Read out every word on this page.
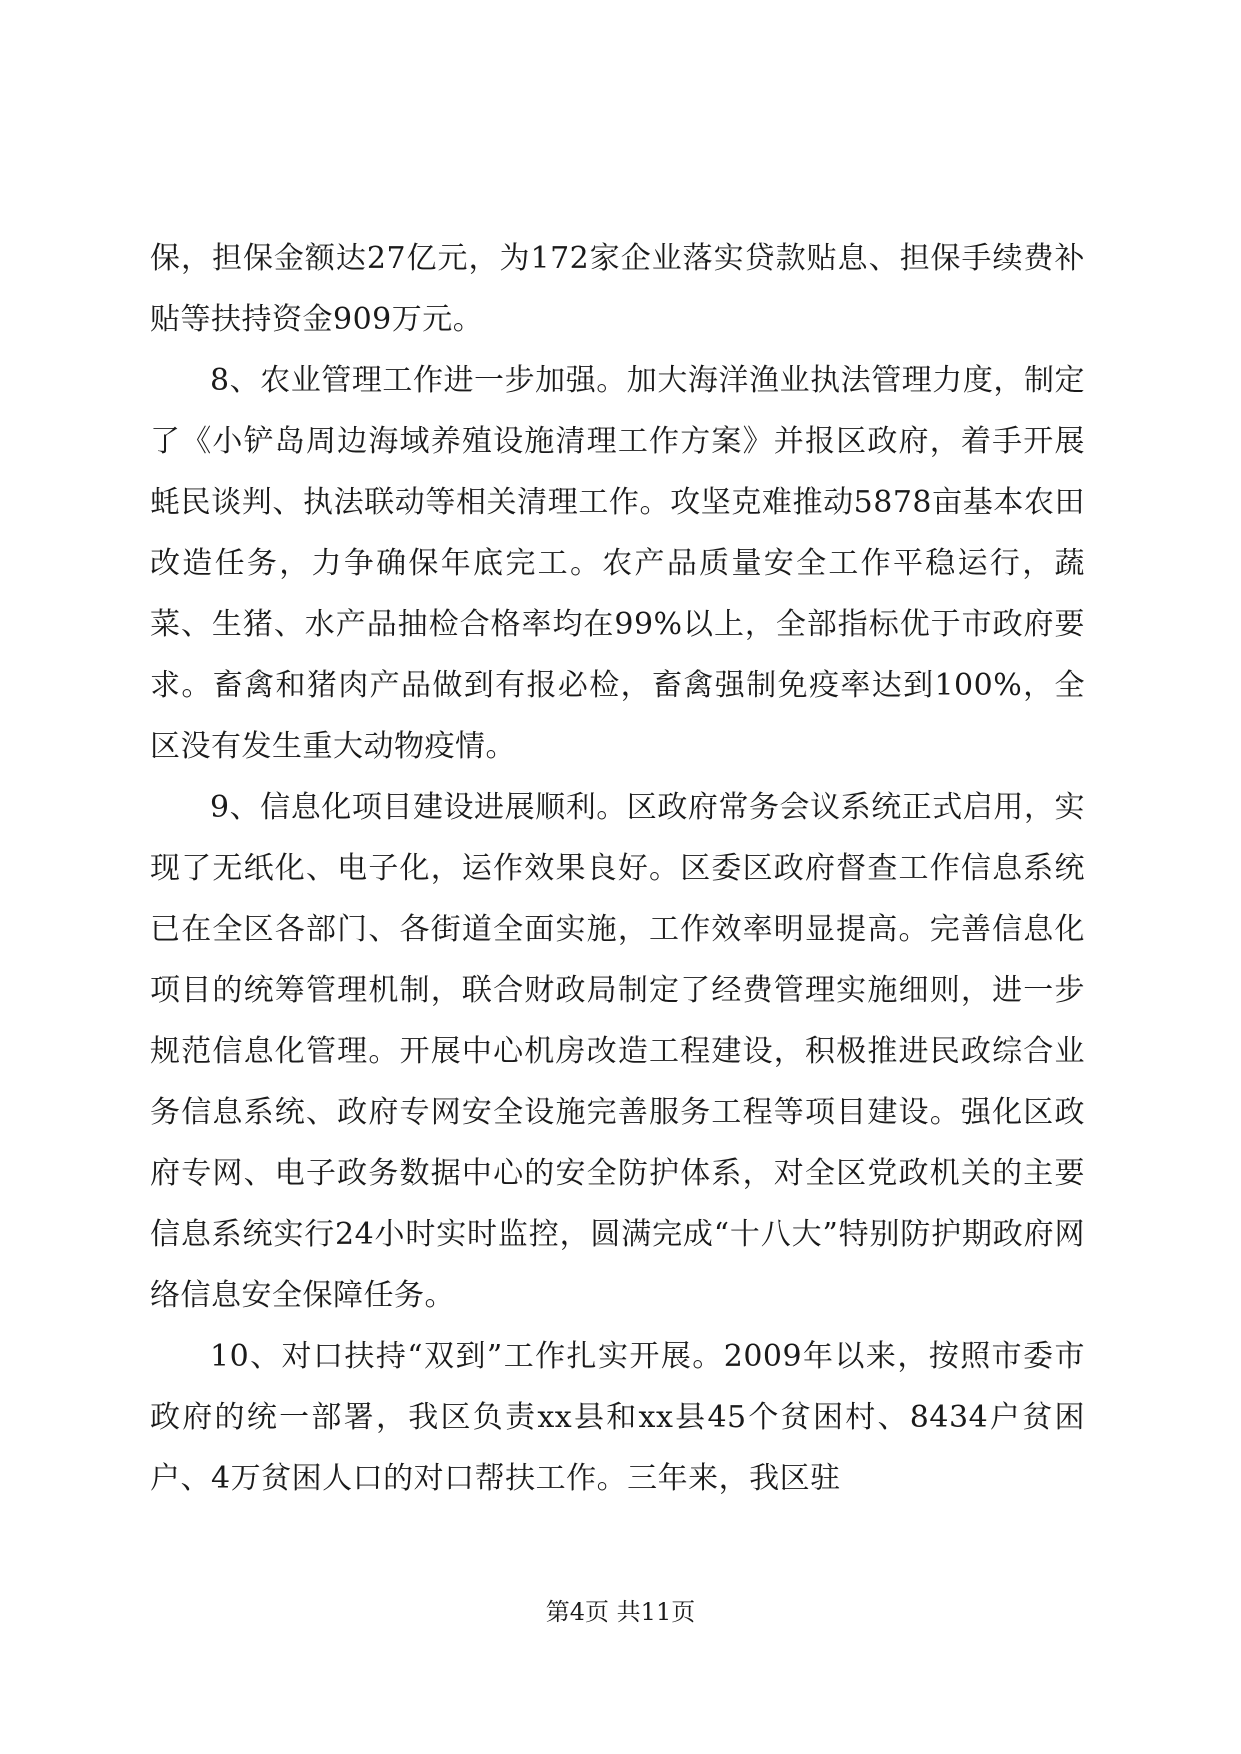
保，担保金额达27亿元，为172家企业落实贷款贴息、担保手续费补贴等扶持资金909万元。

8、农业管理工作进一步加强。加大海洋渔业执法管理力度，制定了《小铲岛周边海域养殖设施清理工作方案》并报区政府，着手开展蚝民谈判、执法联动等相关清理工作。攻坚克难推动5878亩基本农田改造任务，力争确保年底完工。农产品质量安全工作平稳运行，蔬菜、生猪、水产品抽检合格率均在99%以上，全部指标优于市政府要求。畜禽和猪肉产品做到有报必检，畜禽强制免疫率达到100%，全区没有发生重大动物疫情。

9、信息化项目建设进展顺利。区政府常务会议系统正式启用，实现了无纸化、电子化，运作效果良好。区委区政府督查工作信息系统已在全区各部门、各街道全面实施，工作效率明显提高。完善信息化项目的统筹管理机制，联合财政局制定了经费管理实施细则，进一步规范信息化管理。开展中心机房改造工程建设，积极推进民政综合业务信息系统、政府专网安全设施完善服务工程等项目建设。强化区政府专网、电子政务数据中心的安全防护体系，对全区党政机关的主要信息系统实行24小时实时监控，圆满完成“十八大”特别防护期政府网络信息安全保障任务。

10、对口扶持“双到”工作扎实开展。2009年以来，按照市委市政府的统一部署，我区负责xx县和xx县45个贫困村、8434户贫困户、4万贫困人口的对口帮扶工作。三年来，我区驻

第4页 共11页
